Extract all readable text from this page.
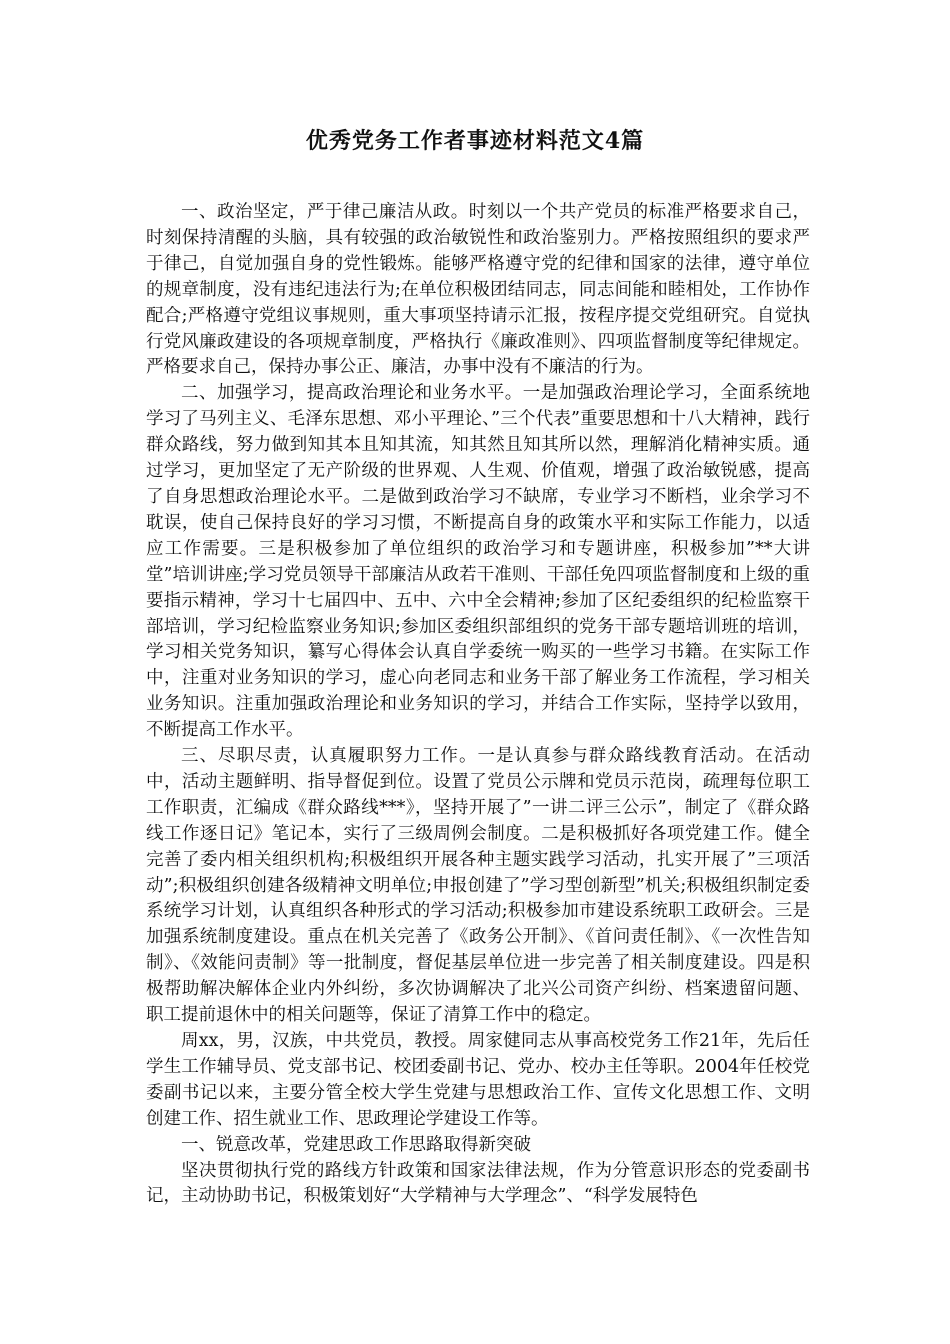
优秀党务工作者事迹材料范文4篇

一、政治坚定，严于律己廉洁从政。时刻以一个共产党员的标准严格要求自己，时刻保持清醒的头脑，具有较强的政治敏锐性和政治鉴别力。严格按照组织的要求严于律己，自觉加强自身的党性锻炼。能够严格遵守党的纪律和国家的法律，遵守单位的规章制度，没有违纪违法行为;在单位积极团结同志，同志间能和睦相处，工作协作配合;严格遵守党组议事规则，重大事项坚持请示汇报，按程序提交党组研究。自觉执行党风廉政建设的各项规章制度，严格执行《廉政准则》、四项监督制度等纪律规定。严格要求自己，保持办事公正、廉洁，办事中没有不廉洁的行为。

二、加强学习，提高政治理论和业务水平。一是加强政治理论学习，全面系统地学习了马列主义、毛泽东思想、邓小平理论、”三个代表”重要思想和十八大精神，践行群众路线，努力做到知其本且知其流，知其然且知其所以然，理解消化精神实质。通过学习，更加坚定了无产阶级的世界观、人生观、价值观，增强了政治敏锐感，提高了自身思想政治理论水平。二是做到政治学习不缺席，专业学习不断档，业余学习不耽误，使自己保持良好的学习习惯，不断提高自身的政策水平和实际工作能力，以适应工作需要。三是积极参加了单位组织的政治学习和专题讲座，积极参加”**大讲堂”培训讲座;学习党员领导干部廉洁从政若干准则、干部任免四项监督制度和上级的重要指示精神，学习十七届四中、五中、六中全会精神;参加了区纪委组织的纪检监察干部培训，学习纪检监察业务知识;参加区委组织部组织的党务干部专题培训班的培训，学习相关党务知识，纂写心得体会认真自学委统一购买的一些学习书籍。在实际工作中，注重对业务知识的学习，虚心向老同志和业务干部了解业务工作流程，学习相关业务知识。注重加强政治理论和业务知识的学习，并结合工作实际，坚持学以致用，不断提高工作水平。

三、尽职尽责，认真履职努力工作。一是认真参与群众路线教育活动。在活动中，活动主题鲜明、指导督促到位。设置了党员公示牌和党员示范岗，疏理每位职工工作职责，汇编成《群众路线***》，坚持开展了”一讲二评三公示”，制定了《群众路线工作逐日记》笔记本，实行了三级周例会制度。二是积极抓好各项党建工作。健全完善了委内相关组织机构;积极组织开展各种主题实践学习活动，扎实开展了”三项活动”;积极组织创建各级精神文明单位;申报创建了”学习型创新型”机关;积极组织制定委系统学习计划，认真组织各种形式的学习活动;积极参加市建设系统职工政研会。三是加强系统制度建设。重点在机关完善了《政务公开制》、《首问责任制》、《一次性告知制》、《效能问责制》等一批制度，督促基层单位进一步完善了相关制度建设。四是积极帮助解决解体企业内外纠纷，多次协调解决了北兴公司资产纠纷、档案遗留问题、职工提前退休中的相关问题等，保证了清算工作中的稳定。

周xx，男，汉族，中共党员，教授。周家健同志从事高校党务工作21年，先后任学生工作辅导员、党支部书记、校团委副书记、党办、校办主任等职。2004年任校党委副书记以来，主要分管全校大学生党建与思想政治工作、宣传文化思想工作、文明创建工作、招生就业工作、思政理论学建设工作等。

一、锐意改革，党建思政工作思路取得新突破

坚决贯彻执行党的路线方针政策和国家法律法规，作为分管意识形态的党委副书记，主动协助书记，积极策划好“大学精神与大学理念”、“科学发展特色
